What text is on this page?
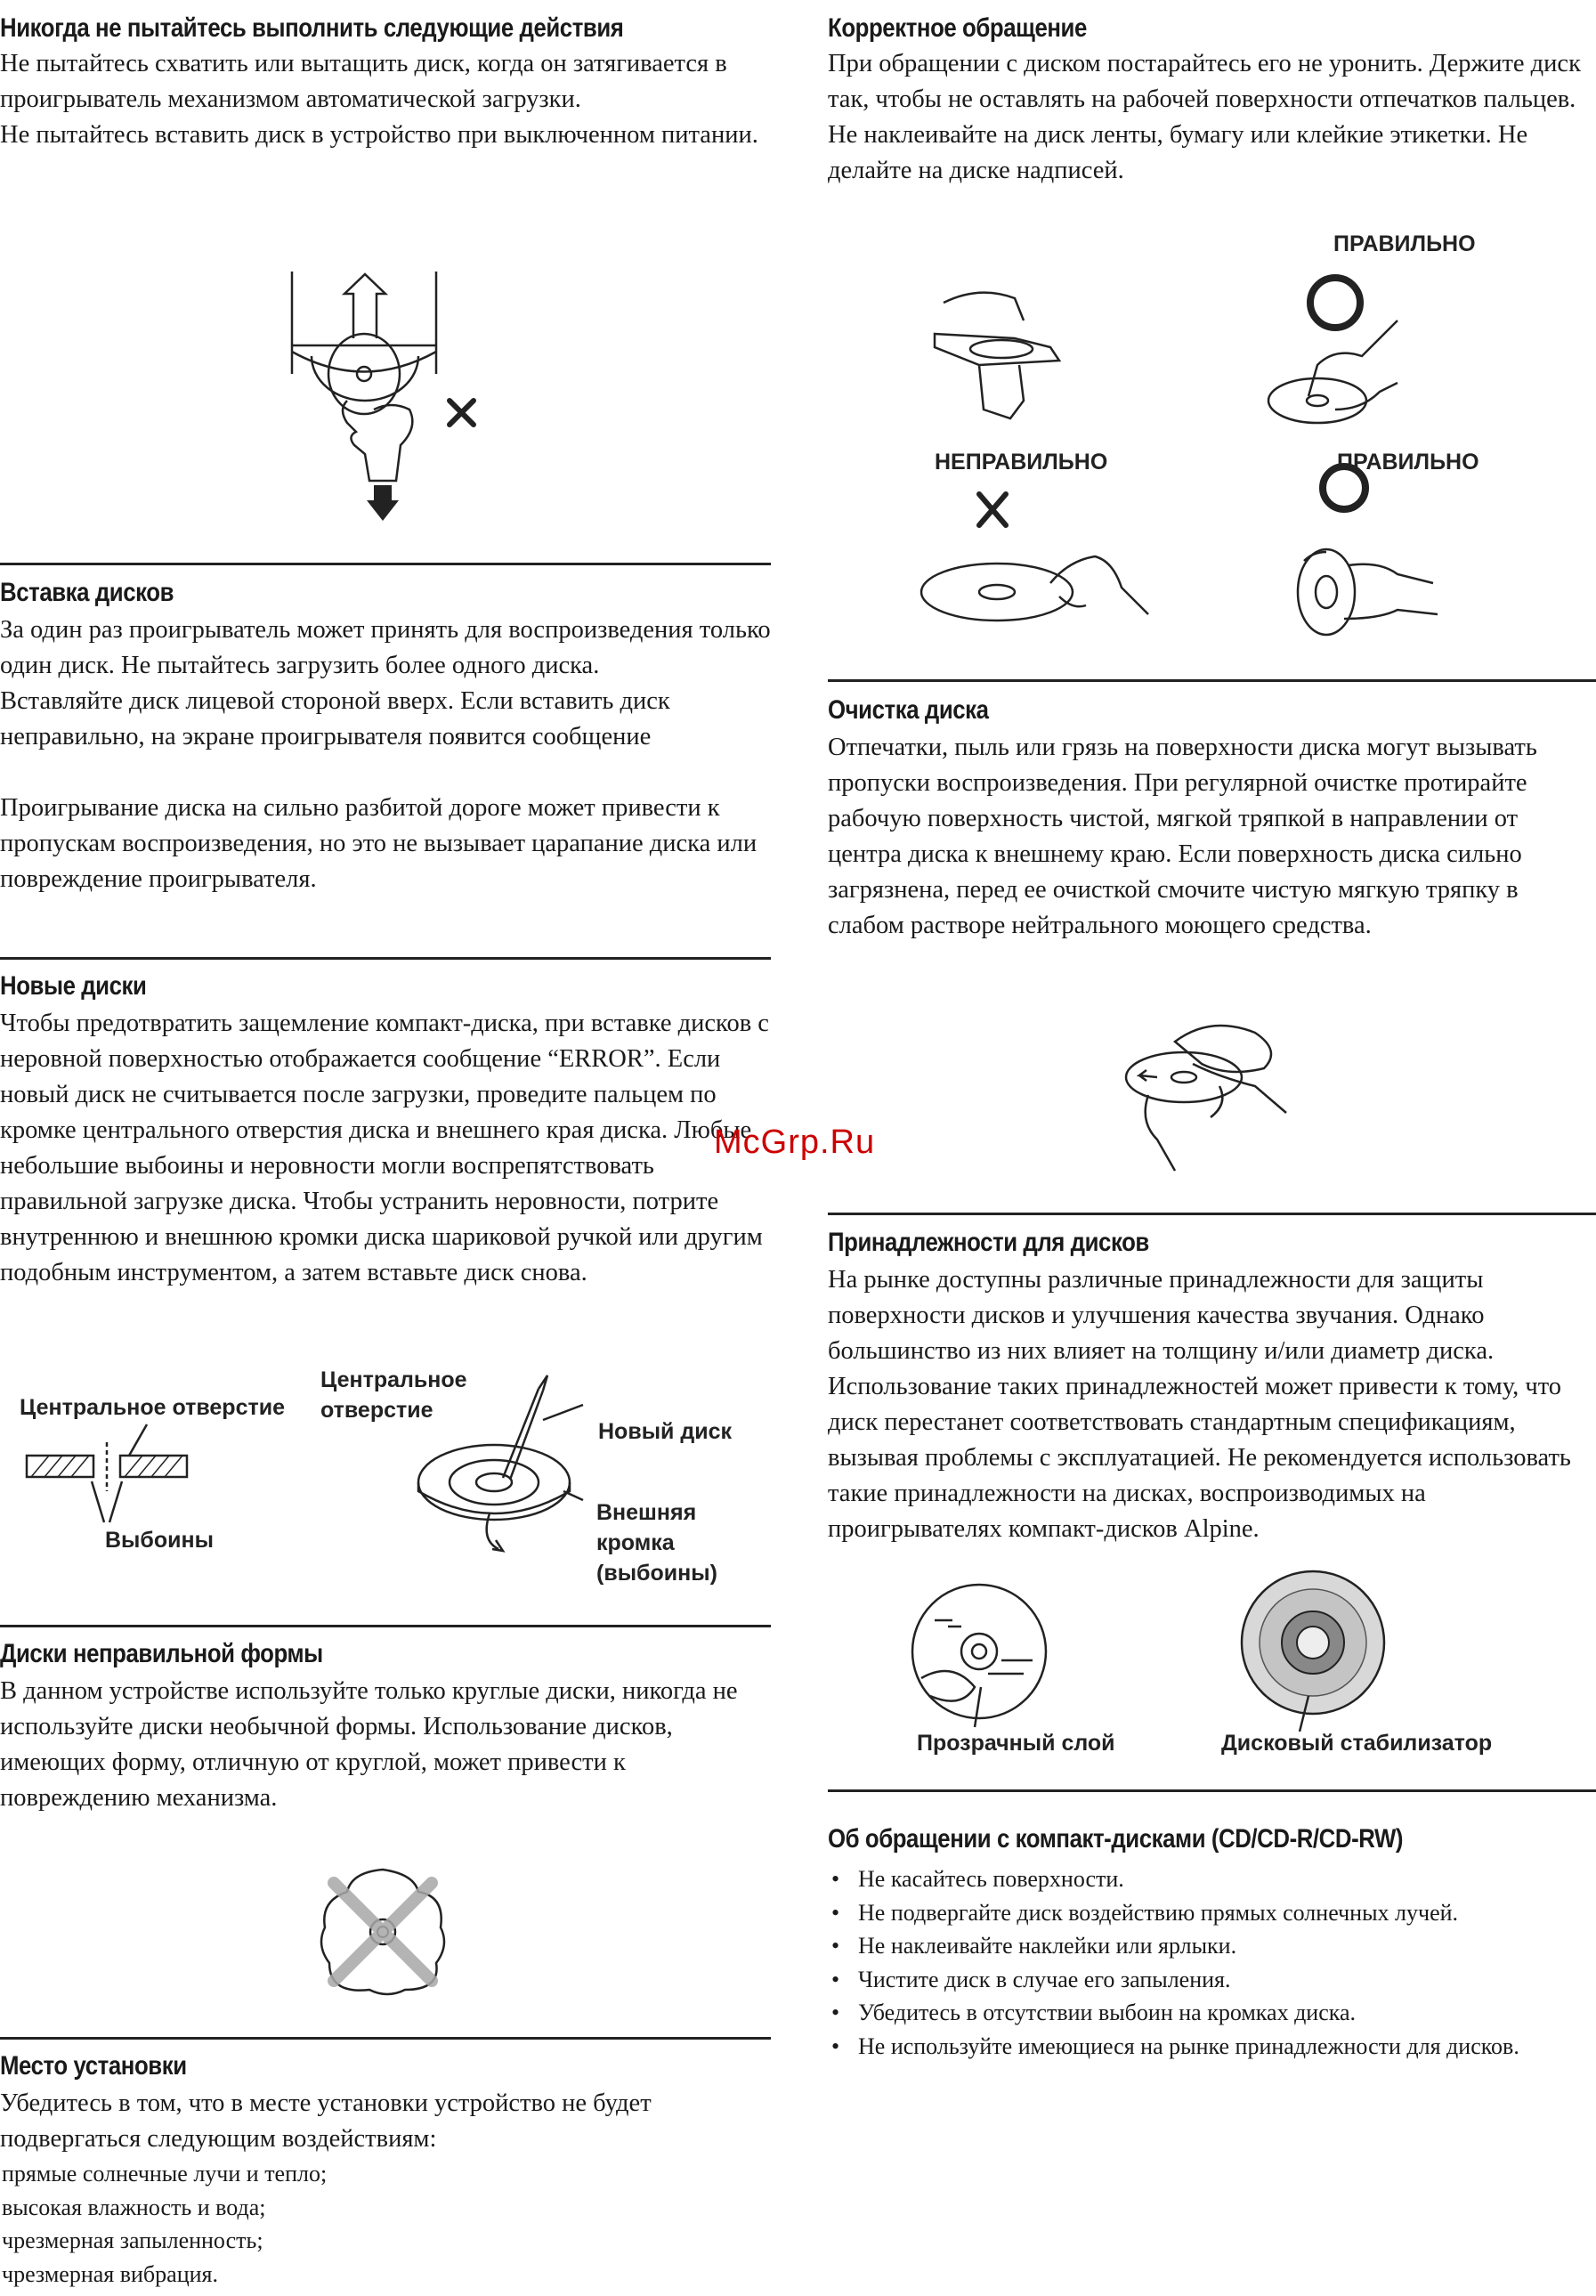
Никогда не пытайтесь выполнить следующие действия

Не пытайтесь схватить или вытащить диск, когда он затягивается в проигрыватель механизмом автоматической загрузки.

Не пытайтесь вставить диск в устройство при выключенном питании.

Вставка дисков

За один раз проигрыватель может принять для воспроизведения только один диск. Не пытайтесь загрузить более одного диска.

Вставляйте диск лицевой стороной вверх. Если вставить диск неправильно, на экране проигрывателя появится сообщение

Проигрывание диска на сильно разбитой дороге может привести к пропускам воспроизведения, но это не вызывает царапание диска или повреждение проигрывателя.

Новые диски

Чтобы предотвратить защемление компакт-диска, при вставке дисков с неровной поверхностью отображается сообщение “ERROR”. Если новый диск не считывается после загрузки, проведите пальцем по кромке центрального отверстия диска и внешнего края диска. Любые небольшие выбоины и неровности могли воспрепятствовать правильной загрузке диска. Чтобы устранить неровности, потрите внутреннюю и внешнюю кромки диска шариковой ручкой или другим подобным инструментом, а затем вставьте диск снова.

Центральное отверстие
Выбоины
Центральное
отверстие
Новый диск
Внешняя
кромка
(выбоины)
Диски неправильной формы

В данном устройстве используйте только круглые диски, никогда не используйте диски необычной формы. Использование дисков, имеющих форму, отличную от круглой, может привести к повреждению механизма.

Место установки

Убедитесь в том, что в месте установки устройство не будет подвергаться следующим воздействиям:

• прямые солнечные лучи и тепло;
• высокая влажность и вода;
• чрезмерная запыленность;
• чрезмерная вибрация.
Корректное обращение

При обращении с диском постарайтесь его не уронить. Держите диск так, чтобы не оставлять на рабочей поверхности отпечатков пальцев. Не наклеивайте на диск ленты, бумагу или клейкие этикетки. Не делайте на диске надписей.

ПРАВИЛЬНО
НЕПРАВИЛЬНО	ПРАВИЛЬНО
Очистка диска

Отпечатки, пыль или грязь на поверхности диска могут вызывать пропуски воспроизведения. При регулярной очистке протирайте рабочую поверхность чистой, мягкой тряпкой в направлении от центра диска к внешнему краю. Если поверхность диска сильно загрязнена, перед ее очисткой смочите чистую мягкую тряпку в слабом растворе нейтрального моющего средства.

Принадлежности для дисков

На рынке доступны различные принадлежности для защиты поверхности дисков и улучшения качества звучания. Однако большинство из них влияет на толщину и/или диаметр диска. Использование таких принадлежностей может привести к тому, что диск перестанет соответствовать стандартным спецификациям, вызывая проблемы с эксплуатацией. Не рекомендуется использовать такие принадлежности на дисках, воспроизводимых на проигрывателях компакт-дисков Alpine.

Прозрачный слой	Дисковый стабилизатор
Об обращении с компакт-дисками (CD/CD-R/CD-RW)
• Не касайтесь поверхности.
• Не подвергайте диск воздействию прямых солнечных лучей.
• Не наклеивайте наклейки или ярлыки.
• Чистите диск в случае его запыления.
• Убедитесь в отсутствии выбоин на кромках диска.
• Не используйте имеющиеся на рынке принадлежности для дисков.
McGrp.Ru
